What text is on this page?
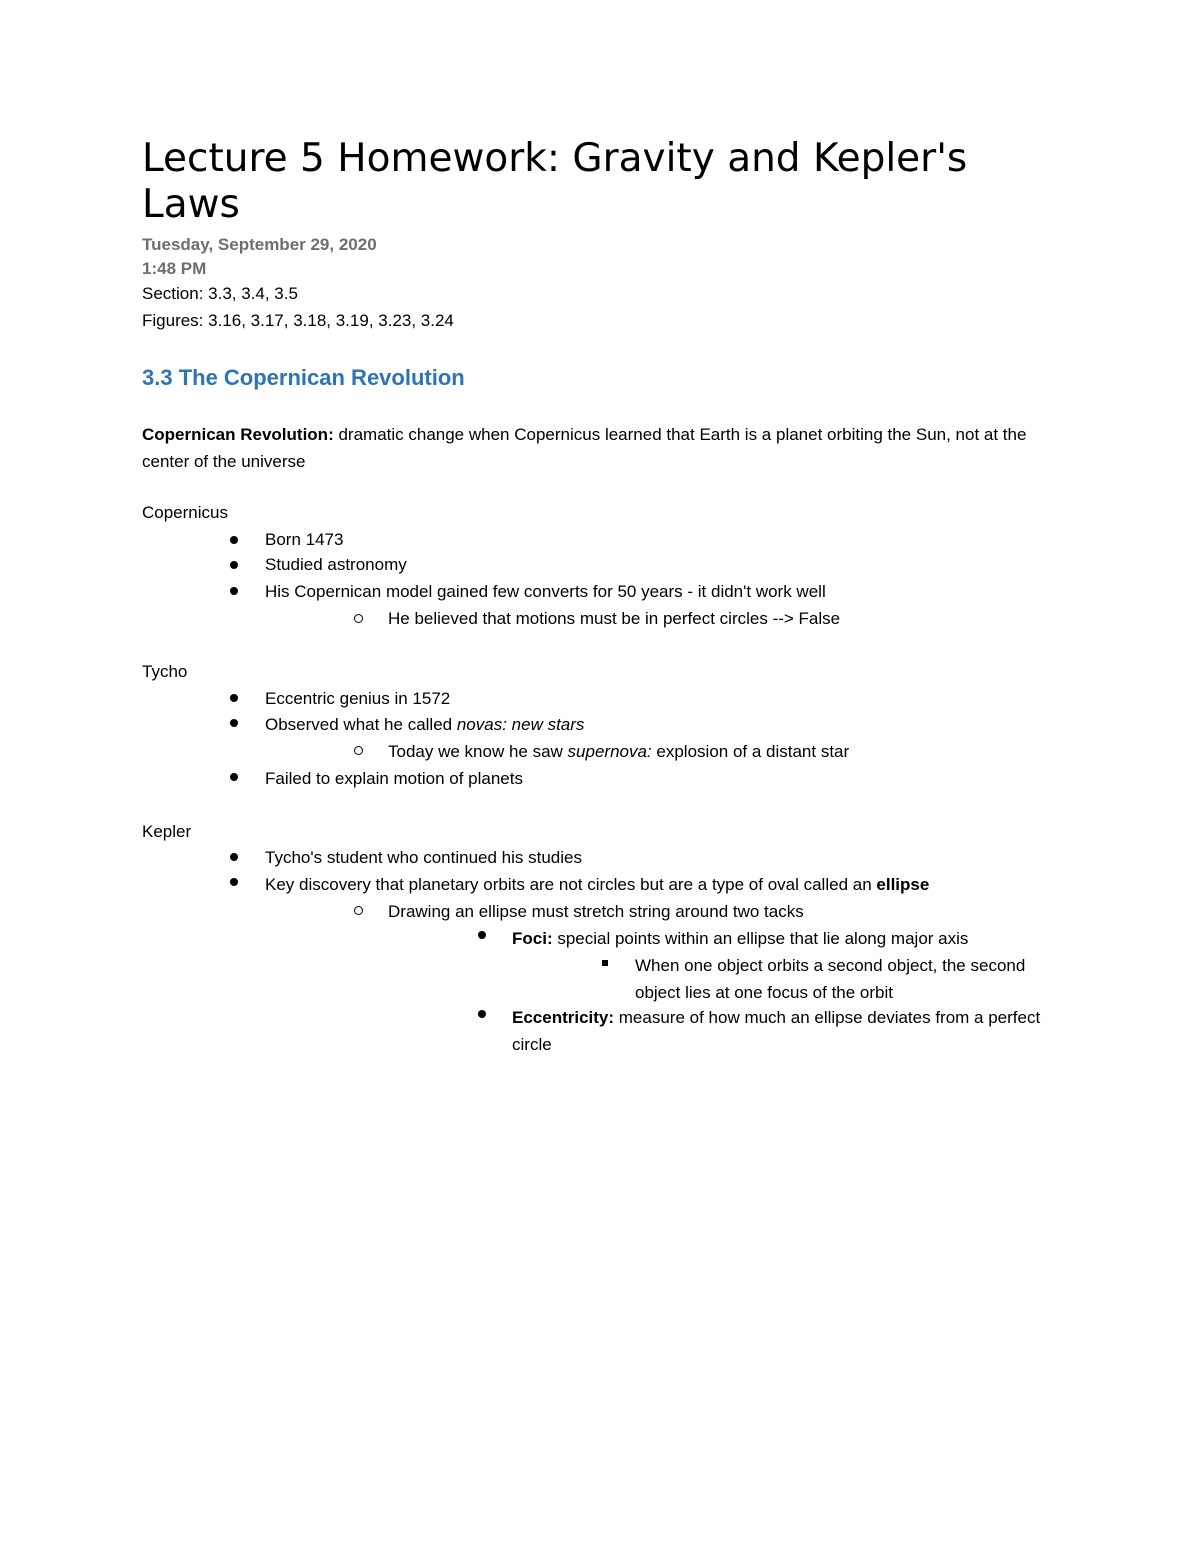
Lecture 5 Homework: Gravity and Kepler's Laws
Tuesday, September 29, 2020
1:48 PM
Section: 3.3, 3.4, 3.5
Figures: 3.16, 3.17, 3.18, 3.19, 3.23, 3.24
3.3 The Copernican Revolution
Copernican Revolution: dramatic change when Copernicus learned that Earth is a planet orbiting the Sun, not at the center of the universe
Copernicus
Born 1473
Studied astronomy
His Copernican model gained few converts for 50 years - it didn't work well
He believed that motions must be in perfect circles --> False
Tycho
Eccentric genius in 1572
Observed what he called novas: new stars
Today we know he saw supernova: explosion of a distant star
Failed to explain motion of planets
Kepler
Tycho's student who continued his studies
Key discovery that planetary orbits are not circles but are a type of oval called an ellipse
Drawing an ellipse must stretch string around two tacks
Foci: special points within an ellipse that lie along major axis
When one object orbits a second object, the second object lies at one focus of the orbit
Eccentricity: measure of how much an ellipse deviates from a perfect circle
